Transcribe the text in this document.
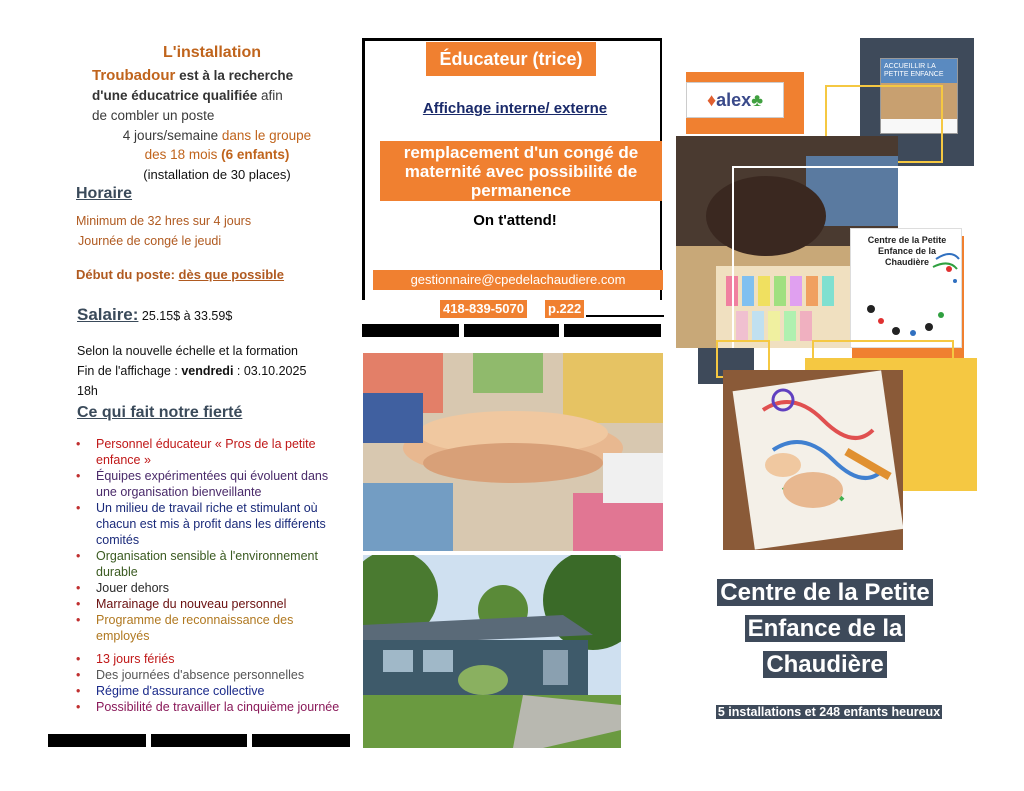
L'installation
Troubadour est à la recherche
d'une éducatrice qualifiée afin
de combler un poste
4 jours/semaine dans le groupe
des 18 mois (6 enfants)
(installation de 30 places)
Horaire
Minimum de 32 hres sur 4 jours
Journée de congé le jeudi
Début du poste: dès que possible
Salaire: 25.15$ à 33.59$
Selon la nouvelle échelle et la formation
Fin de l'affichage : vendredi : 03.10.2025
18h
Ce qui fait notre fierté
• Personnel éducateur « Pros de la petite enfance »
• Équipes expérimentées qui évoluent dans une organisation bienveillante
• Un milieu de travail riche et stimulant où chacun est mis à profit dans les différents comités
• Organisation sensible à l'environnement durable
• Jouer dehors
• Marrainage du nouveau personnel
• Programme de reconnaissance des employés
• 13 jours fériés
• Des journées d'absence personnelles
• Régime d'assurance collective
• Possibilité de travailler la cinquième journée
Éducateur (trice)
Affichage interne/ externe
remplacement d'un congé de maternité avec possibilité de permanence
On t'attend!
gestionnaire@cpedelachaudiere.com
418-839-5070 p.222
♦alex♣
ACCUEILLIR LA PETITE ENFANCE
Centre de la Petite Enfance de la Chaudière
Centre de la Petite
Enfance de la
Chaudière
5 installations et 248 enfants heureux
